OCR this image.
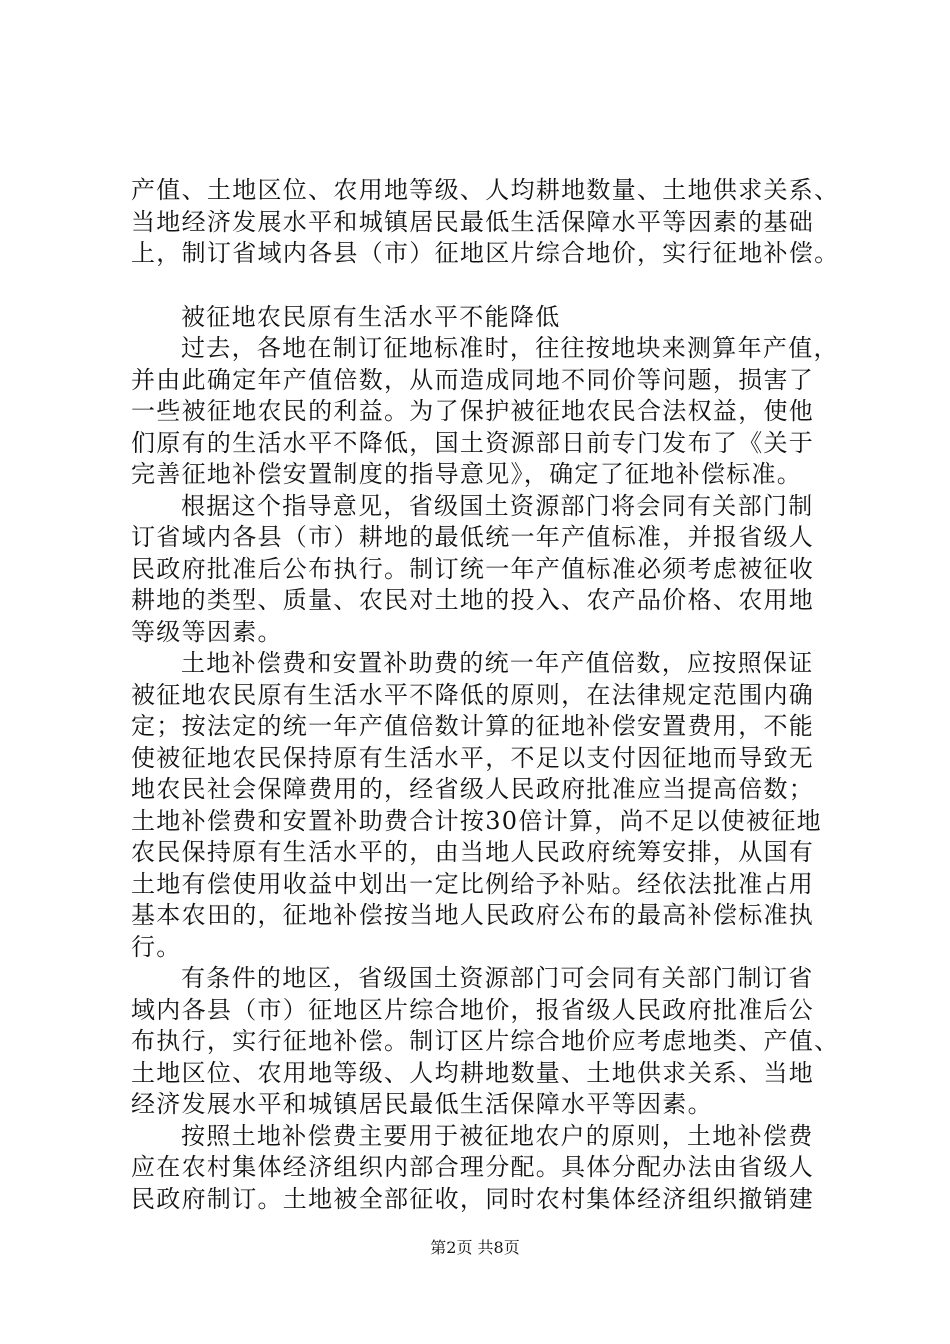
产值、土地区位、农用地等级、人均耕地数量、土地供求关系、
当地经济发展水平和城镇居民最低生活保障水平等因素的基础
上，制订省域内各县（市）征地区片综合地价，实行征地补偿。
被征地农民原有生活水平不能降低
过去，各地在制订征地标准时，往往按地块来测算年产值，
并由此确定年产值倍数，从而造成同地不同价等问题，损害了
一些被征地农民的利益。为了保护被征地农民合法权益，使他
们原有的生活水平不降低，国土资源部日前专门发布了《关于
完善征地补偿安置制度的指导意见》，确定了征地补偿标准。
根据这个指导意见，省级国土资源部门将会同有关部门制
订省域内各县（市）耕地的最低统一年产值标准，并报省级人
民政府批准后公布执行。制订统一年产值标准必须考虑被征收
耕地的类型、质量、农民对土地的投入、农产品价格、农用地
等级等因素。
土地补偿费和安置补助费的统一年产值倍数，应按照保证
被征地农民原有生活水平不降低的原则，在法律规定范围内确
定；按法定的统一年产值倍数计算的征地补偿安置费用，不能
使被征地农民保持原有生活水平，不足以支付因征地而导致无
地农民社会保障费用的，经省级人民政府批准应当提高倍数；
土地补偿费和安置补助费合计按30倍计算，尚不足以使被征地
农民保持原有生活水平的，由当地人民政府统筹安排，从国有
土地有偿使用收益中划出一定比例给予补贴。经依法批准占用
基本农田的，征地补偿按当地人民政府公布的最高补偿标准执
行。
有条件的地区，省级国土资源部门可会同有关部门制订省
域内各县（市）征地区片综合地价，报省级人民政府批准后公
布执行，实行征地补偿。制订区片综合地价应考虑地类、产值、
土地区位、农用地等级、人均耕地数量、土地供求关系、当地
经济发展水平和城镇居民最低生活保障水平等因素。
按照土地补偿费主要用于被征地农户的原则，土地补偿费
应在农村集体经济组织内部合理分配。具体分配办法由省级人
民政府制订。土地被全部征收，同时农村集体经济组织撤销建
第2页 共8页
